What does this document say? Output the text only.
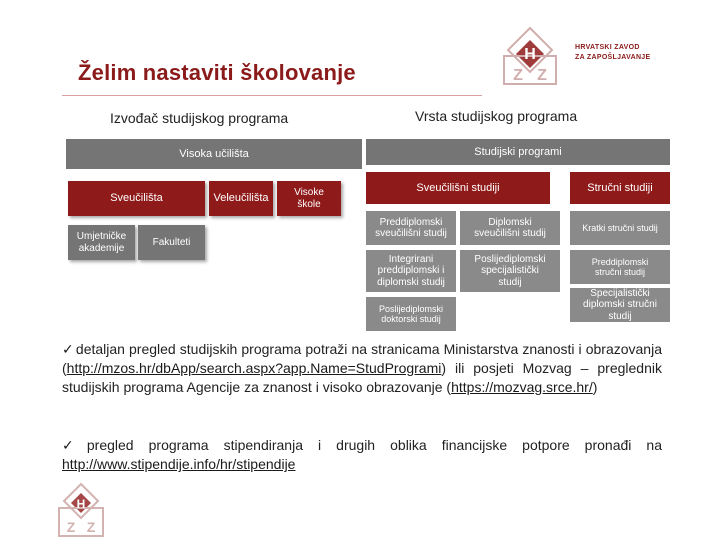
Želim nastaviti školovanje
H
Z Z
HRVATSKI ZAVOD
ZA ZAPOŠLJAVANJE
Izvođač studijskog programa	Vrsta studijskog programa
Visoka učilišta
Sveučilišta	Veleučilišta	Visoke
škole
Umjetničke
akademije
Fakulteti
Studijski programi
Sveučilišni studiji	Stručni studiji
Preddiplomski
sveučilišni studij
Diplomski
sveučilišni studij
Kratki stručni studij
Integrirani
preddiplomski i
diplomski studij
Poslijediplomski
specijalistički
studij
Preddiplomski
stručni studij
Poslijediplomski
doktorski studij
Specijalistički
diplomski stručni
studij
✓ detaljan pregled studijskih programa potraži na stranicama Ministarstva znanosti i obrazovanja (http://mzos.hr/dbApp/search.aspx?app.Name=StudProgrami) ili posjeti Mozvag – preglednik studijskih programa Agencije za znanost i visoko obrazovanje (https://mozvag.srce.hr/)
✓ pregled programa stipendiranja i drugih oblika financijske potpore pronađi na http://www.stipendije.info/hr/stipendije
H
Z Z
